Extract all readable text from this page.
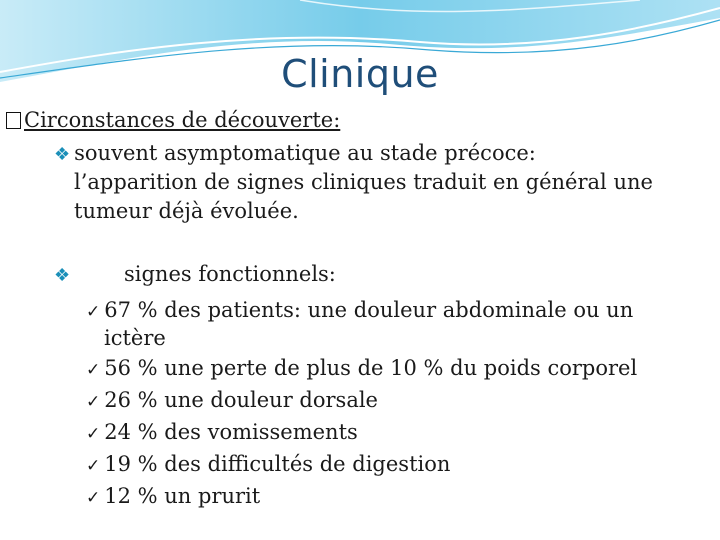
Clinique
Circonstances de découverte:
❖ souvent asymptomatique au stade précoce:
l’apparition de signes cliniques traduit en général une
tumeur déjà évoluée.
❖	signes fonctionnels:
✓ 67 % des patients: une douleur abdominale ou un
ictère
✓ 56 % une perte de plus de 10 % du poids corporel
✓ 26 % une douleur dorsale
✓ 24 % des vomissements
✓ 19 % des difficultés de digestion
✓ 12 % un prurit
